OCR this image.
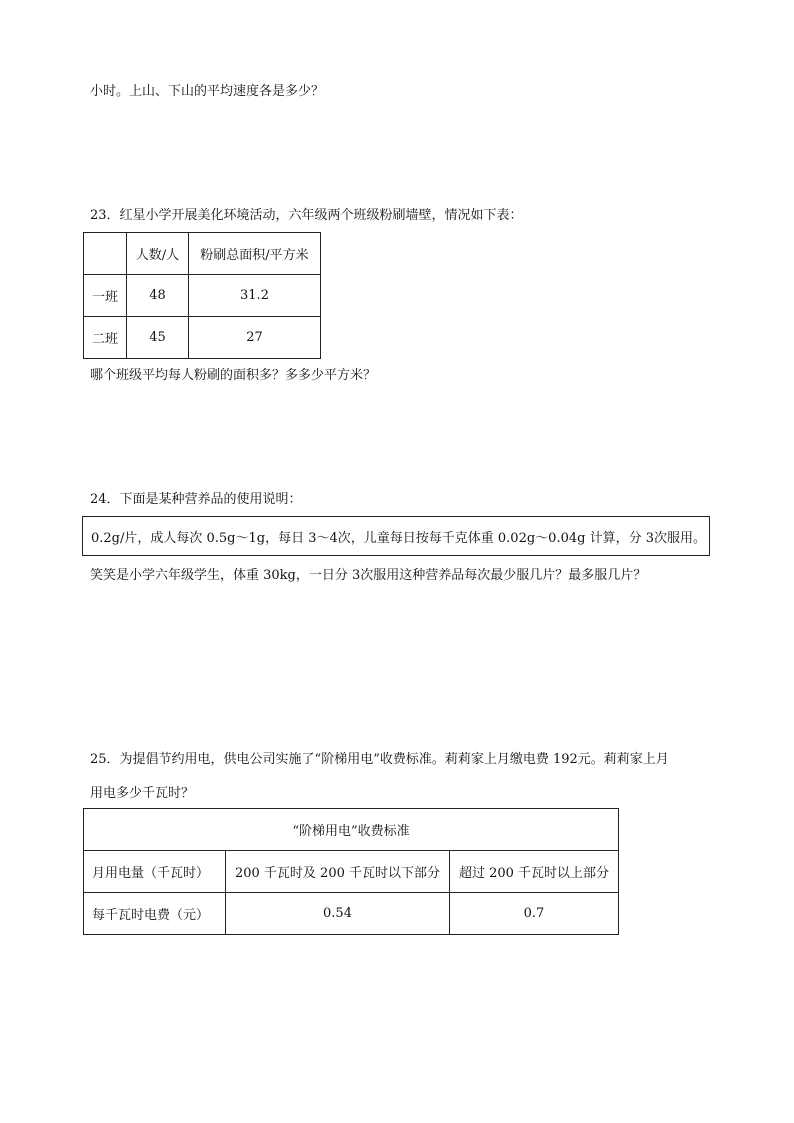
小时。上山、下山的平均速度各是多少？
23．红星小学开展美化环境活动，六年级两个班级粉刷墙壁，情况如下表：
	人数/人	粉刷总面积/平方米
一班	48	31.2
二班	45	27
哪个班级平均每人粉刷的面积多？多多少平方米？
24．下面是某种营养品的使用说明：
0.2g/片，成人每次 0.5g～1g，每日 3～4次，儿童每日按每千克体重 0.02g～0.04g 计算，分 3次服用。
笑笑是小学六年级学生，体重 30kg，一日分 3次服用这种营养品每次最少服几片？最多服几片？
25．为提倡节约用电，供电公司实施了“阶梯用电”收费标准。莉莉家上月缴电费 192元。莉莉家上月
用电多少千瓦时？
“阶梯用电”收费标准		
月用电量（千瓦时）	200 千瓦时及 200 千瓦时以下部分	超过 200 千瓦时以上部分
每千瓦时电费（元）	0.54	0.7
